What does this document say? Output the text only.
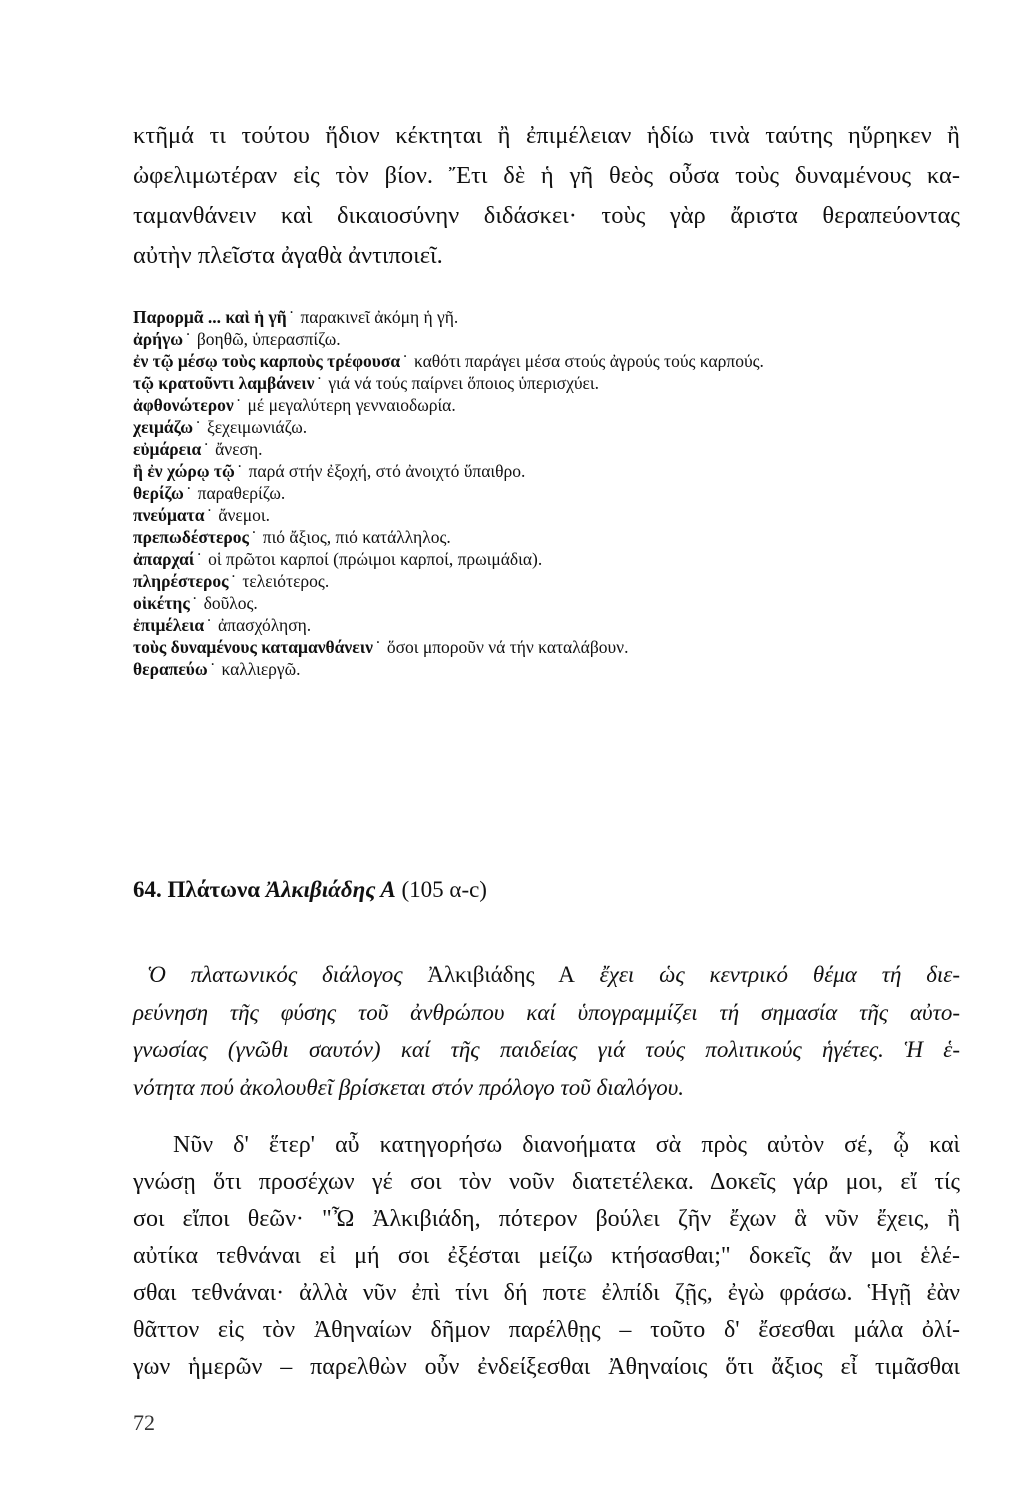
κτῆμά τι τούτου ἥδιον κέκτηται ἢ ἐπιμέλειαν ἡδίω τινὰ ταύτης ηὕρηκεν ἢ
ὠφελιμωτέραν εἰς τὸν βίον. Ἔτι δὲ ἡ γῆ θεὸς οὖσα τοὺς δυναμένους κα-
ταμανθάνειν καὶ δικαιοσύνην διδάσκει· τοὺς γὰρ ἄριστα θεραπεύοντας
αὐτὴν πλεῖστα ἀγαθὰ ἀντιποιεῖ.
Παρορμᾶ ... καὶ ἡ γῆ ˙ παρακινεῖ ἀκόμη ἡ γῆ.
ἀρήγω ˙ βοηθῶ, ὑπερασπίζω.
ἐν τῷ μέσῳ τοὺς καρποὺς τρέφουσα ˙ καθότι παράγει μέσα στούς ἀγρούς τούς καρπούς.
τῷ κρατοῦντι λαμβάνειν ˙ γιά νά τούς παίρνει ὅποιος ὑπερισχύει.
ἀφθονώτερον ˙ μέ μεγαλύτερη γενναιοδωρία.
χειμάζω ˙ ξεχειμωνιάζω.
εὐμάρεια ˙ ἄνεση.
ἢ ἐν χώρῳ τῷ ˙ παρά στήν ἐξοχή, στό ἀνοιχτό ὕπαιθρο.
θερίζω ˙ παραθερίζω.
πνεύματα ˙ ἄνεμοι.
πρεπωδέστερος ˙ πιό ἄξιος, πιό κατάλληλος.
ἀπαρχαί ˙ οἱ πρῶτοι καρποί (πρώιμοι καρποί, πρωιμάδια).
πληρέστερος ˙ τελειότερος.
οἰκέτης ˙ δοῦλος.
ἐπιμέλεια ˙ ἀπασχόληση.
τοὺς δυναμένους καταμανθάνειν ˙ ὅσοι μποροῦν νά τήν καταλάβουν.
θεραπεύω ˙ καλλιεργῶ.
64. Πλάτωνα Ἀλκιβιάδης Α (105 α-c)
Ὁ πλατωνικός διάλογος Ἀλκιβιάδης Α ἔχει ὡς κεντρικό θέμα τή διε-
ρεύνηση τῆς φύσης τοῦ ἀνθρώπου καί ὑπογραμμίζει τή σημασία τῆς αὐτο-
γνωσίας (γνῶθι σαυτόν) καί τῆς παιδείας γιά τούς πολιτικούς ἡγέτες. Ἡ ἑ-
νότητα πού ἀκολουθεῖ βρίσκεται στόν πρόλογο τοῦ διαλόγου.
Νῦν δ' ἕτερ' αὖ κατηγορήσω διανοήματα σὰ πρὸς αὐτὸν σέ, ᾧ καὶ
γνώσῃ ὅτι προσέχων γέ σοι τὸν νοῦν διατετέλεκα. Δοκεῖς γάρ μοι, εἴ τίς
σοι εἴποι θεῶν· "Ὦ Ἀλκιβιάδη, πότερον βούλει ζῆν ἔχων ἃ νῦν ἔχεις, ἢ
αὐτίκα τεθνάναι εἰ μή σοι ἐξέσται μείζω κτήσασθαι;" δοκεῖς ἄν μοι ἑλέ-
σθαι τεθνάναι· ἀλλὰ νῦν ἐπὶ τίνι δή ποτε ἐλπίδι ζῇς, ἐγὼ φράσω. Ἡγῇ ἐὰν
θᾶττον εἰς τὸν Ἀθηναίων δῆμον παρέλθῃς – τοῦτο δ' ἔσεσθαι μάλα ὀλί-
γων ἡμερῶν – παρελθὼν οὖν ἐνδείξεσθαι Ἀθηναίοις ὅτι ἄξιος εἶ τιμᾶσθαι
72
